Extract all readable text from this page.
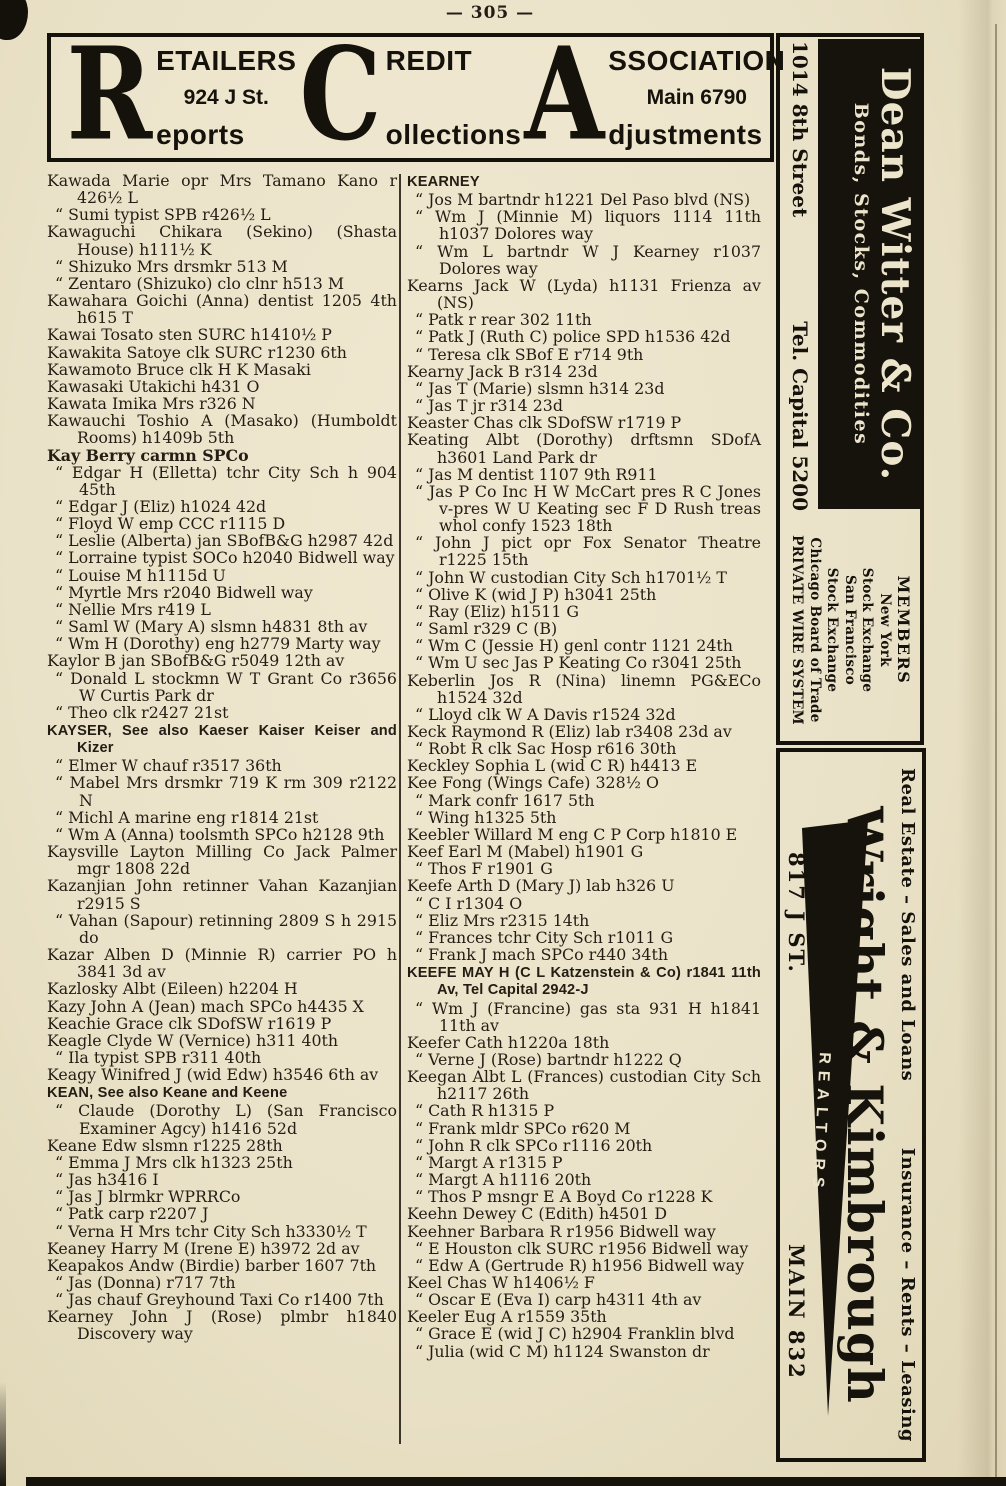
— 305 —
R ETAILERS
924 J St.
eports C REDIT
ollections A SSOCIATION
Main 6790
djustments
Kawada Marie opr Mrs Tamano Kano r 426½ L
“ Sumi typist SPB r426½ L
Kawaguchi Chikara (Sekino) (Shasta House) h111½ K
“ Shizuko Mrs drsmkr 513 M
“ Zentaro (Shizuko) clo clnr h513 M
Kawahara Goichi (Anna) dentist 1205 4th h615 T
Kawai Tosato sten SURC h1410½ P
Kawakita Satoye clk SURC r1230 6th
Kawamoto Bruce clk H K Masaki
Kawasaki Utakichi h431 O
Kawata Imika Mrs r326 N
Kawauchi Toshio A (Masako) (Humboldt Rooms) h1409b 5th
Kay Berry carmn SPCo
“ Edgar H (Elletta) tchr City Sch h 904 45th
“ Edgar J (Eliz) h1024 42d
“ Floyd W emp CCC r1115 D
“ Leslie (Alberta) jan SBofB&G h2987 42d
“ Lorraine typist SOCo h2040 Bidwell way
“ Louise M h1115d U
“ Myrtle Mrs r2040 Bidwell way
“ Nellie Mrs r419 L
“ Saml W (Mary A) slsmn h4831 8th av
“ Wm H (Dorothy) eng h2779 Marty way
Kaylor B jan SBofB&G r5049 12th av
“ Donald L stockmn W T Grant Co r3656 W Curtis Park dr
“ Theo clk r2427 21st
KAYSER, See also Kaeser Kaiser Keiser and Kizer
“ Elmer W chauf r3517 36th
“ Mabel Mrs drsmkr 719 K rm 309 r2122 N
“ Michl A marine eng r1814 21st
“ Wm A (Anna) toolsmth SPCo h2128 9th
Kaysville Layton Milling Co Jack Palmer mgr 1808 22d
Kazanjian John retinner Vahan Kazanjian r2915 S
“ Vahan (Sapour) retinning 2809 S h 2915 do
Kazar Alben D (Minnie R) carrier PO h 3841 3d av
Kazlosky Albt (Eileen) h2204 H
Kazy John A (Jean) mach SPCo h4435 X
Keachie Grace clk SDofSW r1619 P
Keagle Clyde W (Vernice) h311 40th
“ Ila typist SPB r311 40th
Keagy Winifred J (wid Edw) h3546 6th av
KEAN, See also Keane and Keene
“ Claude (Dorothy L) (San Francisco Examiner Agcy) h1416 52d
Keane Edw slsmn r1225 28th
“ Emma J Mrs clk h1323 25th
“ Jas h3416 I
“ Jas J blrmkr WPRRCo
“ Patk carp r2207 J
“ Verna H Mrs tchr City Sch h3330½ T
Keaney Harry M (Irene E) h3972 2d av
Keapakos Andw (Birdie) barber 1607 7th
“ Jas (Donna) r717 7th
“ Jas chauf Greyhound Taxi Co r1400 7th
Kearney John J (Rose) plmbr h1840 Discovery way
KEARNEY
“ Jos M bartndr h1221 Del Paso blvd (NS)
“ Wm J (Minnie M) liquors 1114 11th h1037 Dolores way
“ Wm L bartndr W J Kearney r1037 Dolores way
Kearns Jack W (Lyda) h1131 Frienza av (NS)
“ Patk r rear 302 11th
“ Patk J (Ruth C) police SPD h1536 42d
“ Teresa clk SBof E r714 9th
Kearny Jack B r314 23d
“ Jas T (Marie) slsmn h314 23d
“ Jas T jr r314 23d
Keaster Chas clk SDofSW r1719 P
Keating Albt (Dorothy) drftsmn SDofA h3601 Land Park dr
“ Jas M dentist 1107 9th R911
“ Jas P Co Inc H W McCart pres R C Jones v-pres W U Keating sec F D Rush treas whol confy 1523 18th
“ John J pict opr Fox Senator Theatre r1225 15th
“ John W custodian City Sch h1701½ T
“ Olive K (wid J P) h3041 25th
“ Ray (Eliz) h1511 G
“ Saml r329 C (B)
“ Wm C (Jessie H) genl contr 1121 24th
“ Wm U sec Jas P Keating Co r3041 25th
Keberlin Jos R (Nina) linemn PG&ECo h1524 32d
“ Lloyd clk W A Davis r1524 32d
Keck Raymond R (Eliz) lab r3408 23d av
“ Robt R clk Sac Hosp r616 30th
Keckley Sophia L (wid C R) h4413 E
Kee Fong (Wings Cafe) 328½ O
“ Mark confr 1617 5th
“ Wing h1325 5th
Keebler Willard M eng C P Corp h1810 E
Keef Earl M (Mabel) h1901 G
“ Thos F r1901 G
Keefe Arth D (Mary J) lab h326 U
“ C I r1304 O
“ Eliz Mrs r2315 14th
“ Frances tchr City Sch r1011 G
“ Frank J mach SPCo r440 34th
KEEFE MAY H (C L Katzenstein & Co) r1841 11th Av, Tel Capital 2942-J
“ Wm J (Francine) gas sta 931 H h1841 11th av
Keefer Cath h1220a 18th
“ Verne J (Rose) bartndr h1222 Q
Keegan Albt L (Frances) custodian City Sch h2117 26th
“ Cath R h1315 P
“ Frank mldr SPCo r620 M
“ John R clk SPCo r1116 20th
“ Margt A r1315 P
“ Margt A h1116 20th
“ Thos P msngr E A Boyd Co r1228 K
Keehn Dewey C (Edith) h4501 D
Keehner Barbara R r1956 Bidwell way
“ E Houston clk SURC r1956 Bidwell way
“ Edw A (Gertrude R) h1956 Bidwell way
Keel Chas W h1406½ F
“ Oscar E (Eva I) carp h4311 4th av
Keeler Eug A r1559 35th
“ Grace E (wid J C) h2904 Franklin blvd
“ Julia (wid C M) h1124 Swanston dr
Dean Witter & Co.
Bonds, Stocks, Commodities
1014 8th Street
Tel. Capital 5200
MEMBERS
New York
Stock Exchange
San Francisco
Stock Exchange
Chicago Board of Trade
PRIVATE WIRE SYSTEM
Real Estate – Sales and Loans
Insurance – Rents – Leasing
REALTORS Wright & Kimbrough
817 J ST.
MAIN 832
